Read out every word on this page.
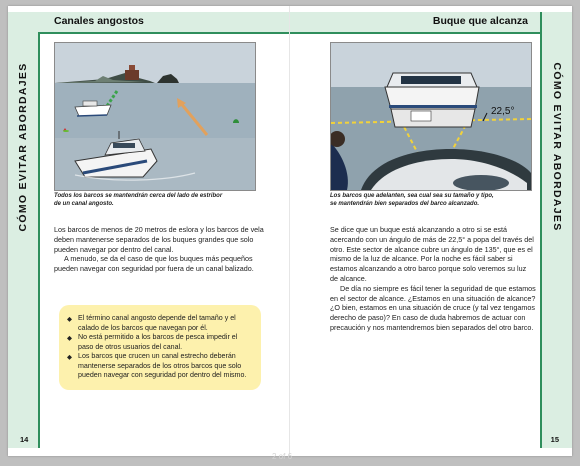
CÓMO EVITAR ABORDAJES
Canales angostos
Todos los barcos se mantendrán cerca del lado de estribor
de un canal angosto.

Los barcos de menos de 20 metros de eslora y los barcos de vela deben mantenerse separados de los buques grandes que solo pueden navegar por dentro del canal.

A menudo, se da el caso de que los buques más pequeños pueden navegar con seguridad por fuera de un canal balizado.

◆ El término canal angosto depende del tamaño y el calado de los barcos que navegan por él.
◆ No está permitido a los barcos de pesca impedir el paso de otros usuarios del canal.
◆ Los barcos que crucen un canal estrecho deberán mantenerse separados de los otros barcos que solo pueden navegar con seguridad por dentro del mismo.
14
Buque que alcanza
CÓMO EVITAR ABORDAJES
22,5°
Los barcos que adelanten, sea cual sea su tamaño y tipo,
se mantendrán bien separados del barco alcanzado.

Se dice que un buque está alcanzando a otro si se está acercando con un ángulo de más de 22,5° a popa del través del otro. Este sector de alcance cubre un ángulo de 135°, que es el mismo de la luz de alcance. Por la noche es fácil saber si estamos alcanzando a otro barco porque solo veremos su luz de alcance.

De día no siempre es fácil tener la seguridad de que estamos en el sector de alcance. ¿Estamos en una situación de alcance? ¿O bien, estamos en una situación de cruce (y tal vez tengamos derecho de paso)? En caso de duda habremos de actuar con precaución y nos mantendremos bien separados del otro barco.

15
2 of 6
